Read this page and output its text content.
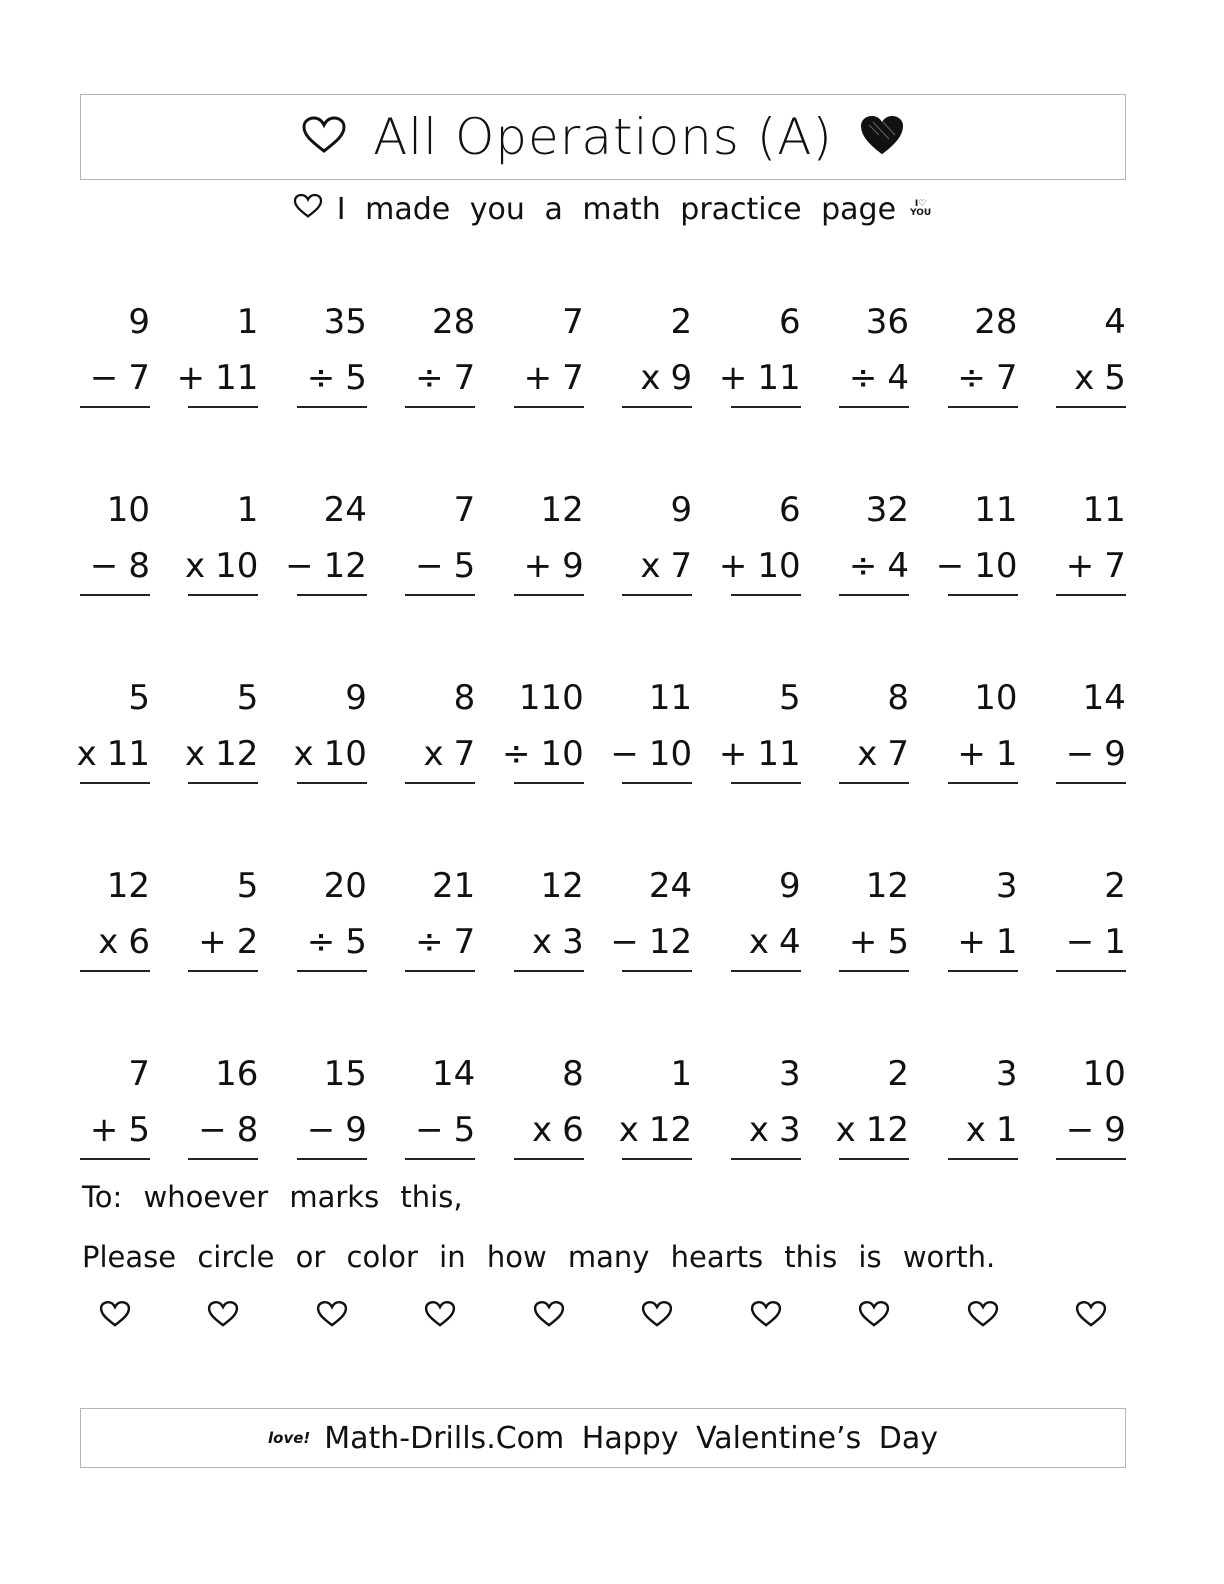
All Operations (A)
I made you a math practice page I♡
YOU
9
− 7
1
+ 11
35
÷ 5
28
÷ 7
7
+ 7
2
x 9
6
+ 11
36
÷ 4
28
÷ 7
4
x 5
10
− 8
1
x 10
24
− 12
7
− 5
12
+ 9
9
x 7
6
+ 10
32
÷ 4
11
− 10
11
+ 7
5
x 11
5
x 12
9
x 10
8
x 7
110
÷ 10
11
− 10
5
+ 11
8
x 7
10
+ 1
14
− 9
12
x 6
5
+ 2
20
÷ 5
21
÷ 7
12
x 3
24
− 12
9
x 4
12
+ 5
3
+ 1
2
− 1
7
+ 5
16
− 8
15
− 9
14
− 5
8
x 6
1
x 12
3
x 3
2
x 12
3
x 1
10
− 9
To: whoever marks this,
Please circle or color in how many hearts this is worth.
love! Math-Drills.Com Happy Valentine’s Day
